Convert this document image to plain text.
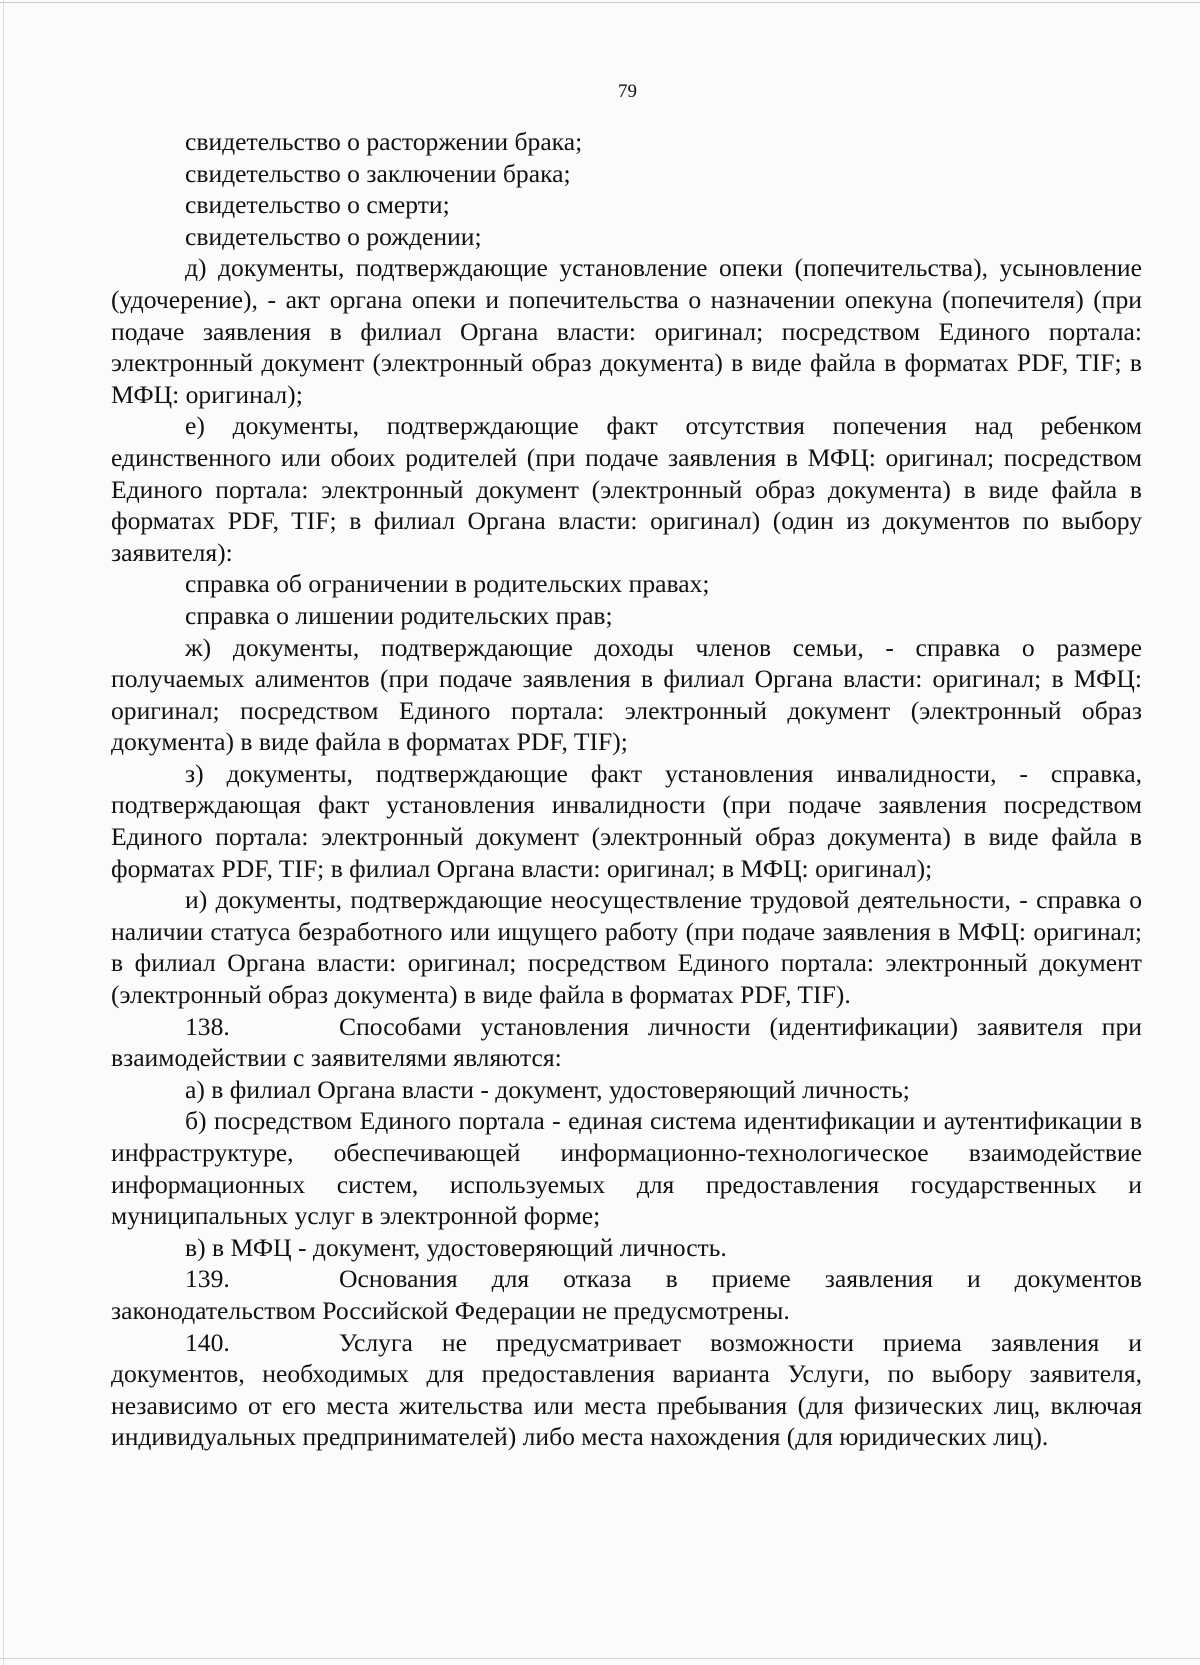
79

свидетельство о расторжении брака;

свидетельство о заключении брака;

свидетельство о смерти;

свидетельство о рождении;

д) документы, подтверждающие установление опеки (попечительства), усыновление (удочерение), - акт органа опеки и попечительства о назначении опекуна (попечителя) (при подаче заявления в филиал Органа власти: оригинал; посредством Единого портала: электронный документ (электронный образ документа) в виде файла в форматах PDF, TIF; в МФЦ: оригинал);

е) документы, подтверждающие факт отсутствия попечения над ребенком единственного или обоих родителей (при подаче заявления в МФЦ: оригинал; посредством Единого портала: электронный документ (электронный образ документа) в виде файла в форматах PDF, TIF; в филиал Органа власти: оригинал) (один из документов по выбору заявителя):

справка об ограничении в родительских правах;

справка о лишении родительских прав;

ж) документы, подтверждающие доходы членов семьи, - справка о размере получаемых алиментов (при подаче заявления в филиал Органа власти: оригинал; в МФЦ: оригинал; посредством Единого портала: электронный документ (электронный образ документа) в виде файла в форматах PDF, TIF);

з) документы, подтверждающие факт установления инвалидности, - справка, подтверждающая факт установления инвалидности (при подаче заявления посредством Единого портала: электронный документ (электронный образ документа) в виде файла в форматах PDF, TIF; в филиал Органа власти: оригинал; в МФЦ: оригинал);

и) документы, подтверждающие неосуществление трудовой деятельности, - справка о наличии статуса безработного или ищущего работу (при подаче заявления в МФЦ: оригинал; в филиал Органа власти: оригинал; посредством Единого портала: электронный документ (электронный образ документа) в виде файла в форматах PDF, TIF).

138.	Способами установления личности (идентификации) заявителя при взаимодействии с заявителями являются:

а) в филиал Органа власти - документ, удостоверяющий личность;

б) посредством Единого портала - единая система идентификации и аутентификации в инфраструктуре, обеспечивающей информационно-технологическое взаимодействие информационных систем, используемых для предоставления государственных и муниципальных услуг в электронной форме;

в) в МФЦ - документ, удостоверяющий личность.

139.	Основания для отказа в приеме заявления и документов законодательством Российской Федерации не предусмотрены.

140.	Услуга не предусматривает возможности приема заявления и документов, необходимых для предоставления варианта Услуги, по выбору заявителя, независимо от его места жительства или места пребывания (для физических лиц, включая индивидуальных предпринимателей) либо места нахождения (для юридических лиц).
